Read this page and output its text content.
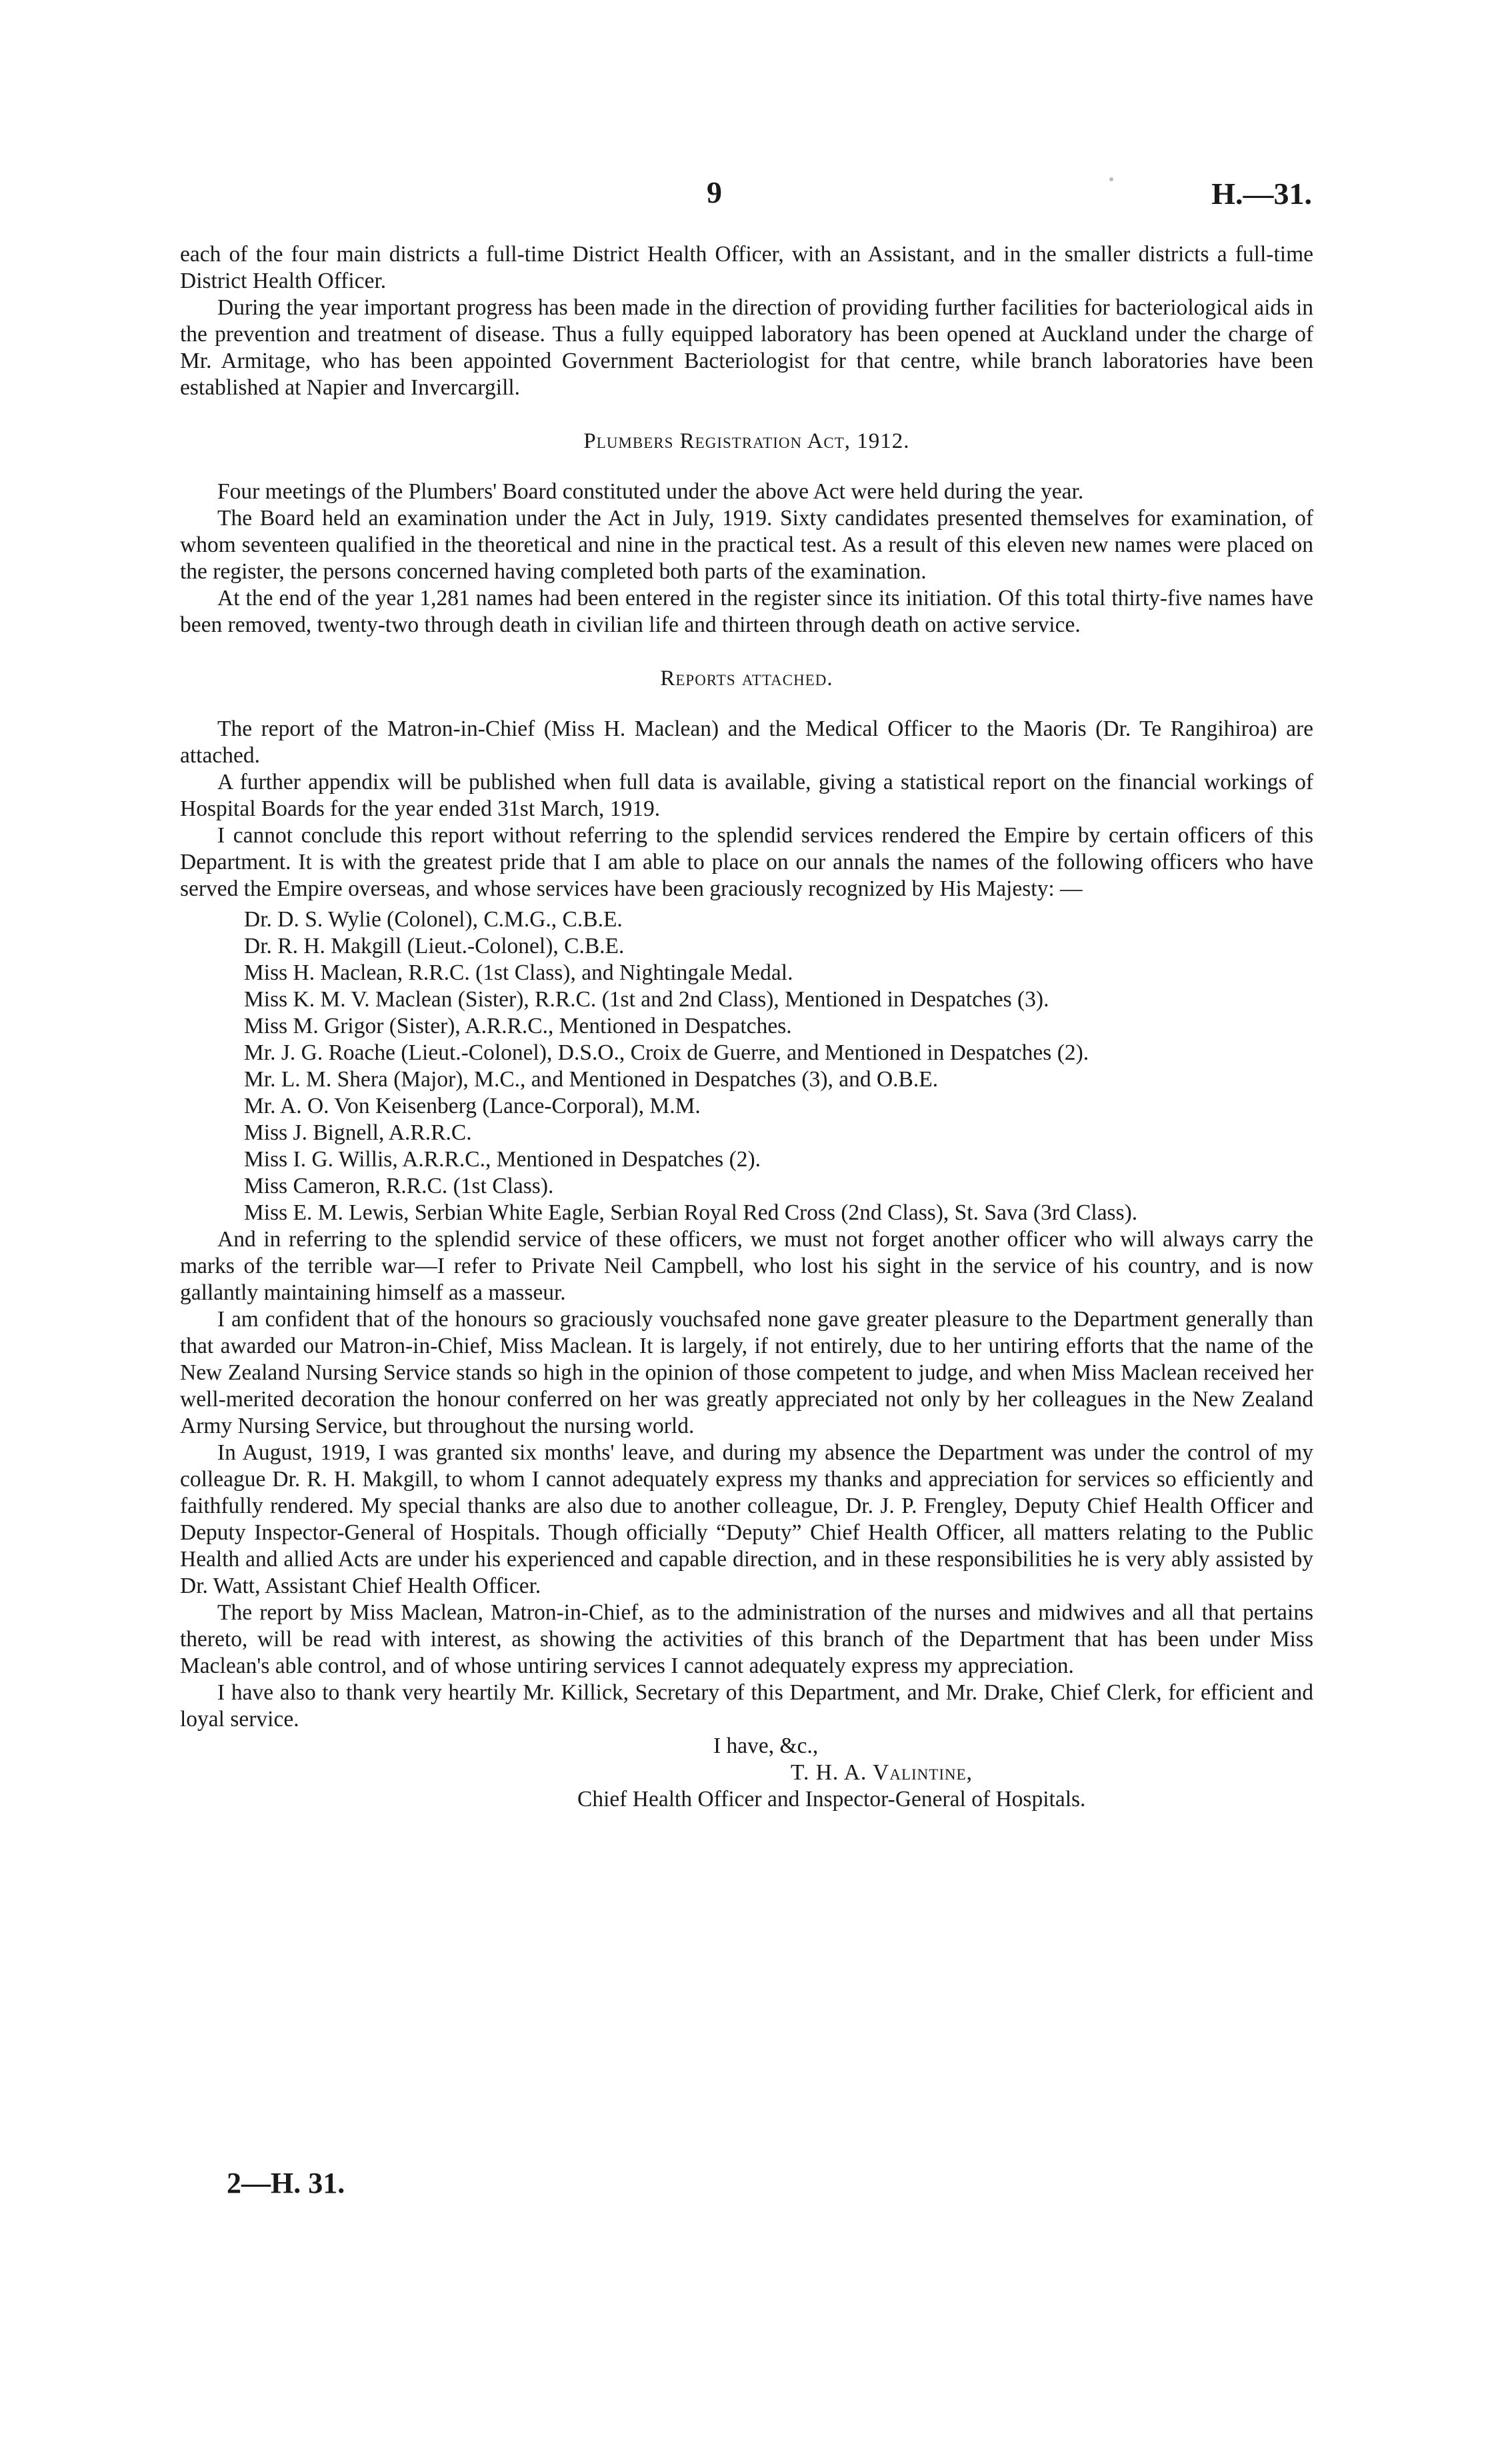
9	H.—31.

each of the four main districts a full-time District Health Officer, with an Assistant, and in the smaller districts a full-time District Health Officer.

During the year important progress has been made in the direction of providing further facilities for bacteriological aids in the prevention and treatment of disease. Thus a fully equipped laboratory has been opened at Auckland under the charge of Mr. Armitage, who has been appointed Government Bacteriologist for that centre, while branch laboratories have been established at Napier and Invercargill.

Plumbers Registration Act, 1912.

Four meetings of the Plumbers' Board constituted under the above Act were held during the year.

The Board held an examination under the Act in July, 1919. Sixty candidates presented themselves for examination, of whom seventeen qualified in the theoretical and nine in the practical test. As a result of this eleven new names were placed on the register, the persons concerned having completed both parts of the examination.

At the end of the year 1,281 names had been entered in the register since its initiation. Of this total thirty-five names have been removed, twenty-two through death in civilian life and thirteen through death on active service.

Reports attached.

The report of the Matron-in-Chief (Miss H. Maclean) and the Medical Officer to the Maoris (Dr. Te Rangihiroa) are attached.

A further appendix will be published when full data is available, giving a statistical report on the financial workings of Hospital Boards for the year ended 31st March, 1919.

I cannot conclude this report without referring to the splendid services rendered the Empire by certain officers of this Department. It is with the greatest pride that I am able to place on our annals the names of the following officers who have served the Empire overseas, and whose services have been graciously recognized by His Majesty: —

Dr. D. S. Wylie (Colonel), C.M.G., C.B.E.
Dr. R. H. Makgill (Lieut.-Colonel), C.B.E.
Miss H. Maclean, R.R.C. (1st Class), and Nightingale Medal.
Miss K. M. V. Maclean (Sister), R.R.C. (1st and 2nd Class), Mentioned in Despatches (3).
Miss M. Grigor (Sister), A.R.R.C., Mentioned in Despatches.
Mr. J. G. Roache (Lieut.-Colonel), D.S.O., Croix de Guerre, and Mentioned in Despatches (2).
Mr. L. M. Shera (Major), M.C., and Mentioned in Despatches (3), and O.B.E.
Mr. A. O. Von Keisenberg (Lance-Corporal), M.M.
Miss J. Bignell, A.R.R.C.
Miss I. G. Willis, A.R.R.C., Mentioned in Despatches (2).
Miss Cameron, R.R.C. (1st Class).
Miss E. M. Lewis, Serbian White Eagle, Serbian Royal Red Cross (2nd Class), St. Sava (3rd Class).

And in referring to the splendid service of these officers, we must not forget another officer who will always carry the marks of the terrible war—I refer to Private Neil Campbell, who lost his sight in the service of his country, and is now gallantly maintaining himself as a masseur.

I am confident that of the honours so graciously vouchsafed none gave greater pleasure to the Department generally than that awarded our Matron-in-Chief, Miss Maclean. It is largely, if not entirely, due to her untiring efforts that the name of the New Zealand Nursing Service stands so high in the opinion of those competent to judge, and when Miss Maclean received her well-merited decoration the honour conferred on her was greatly appreciated not only by her colleagues in the New Zealand Army Nursing Service, but throughout the nursing world.

In August, 1919, I was granted six months' leave, and during my absence the Department was under the control of my colleague Dr. R. H. Makgill, to whom I cannot adequately express my thanks and appreciation for services so efficiently and faithfully rendered. My special thanks are also due to another colleague, Dr. J. P. Frengley, Deputy Chief Health Officer and Deputy Inspector-General of Hospitals. Though officially “Deputy” Chief Health Officer, all matters relating to the Public Health and allied Acts are under his experienced and capable direction, and in these responsibilities he is very ably assisted by Dr. Watt, Assistant Chief Health Officer.

The report by Miss Maclean, Matron-in-Chief, as to the administration of the nurses and midwives and all that pertains thereto, will be read with interest, as showing the activities of this branch of the Department that has been under Miss Maclean's able control, and of whose untiring services I cannot adequately express my appreciation.

I have also to thank very heartily Mr. Killick, Secretary of this Department, and Mr. Drake, Chief Clerk, for efficient and loyal service.

I have, &c.,
T. H. A. Valintine,
Chief Health Officer and Inspector-General of Hospitals.
2—H. 31.
